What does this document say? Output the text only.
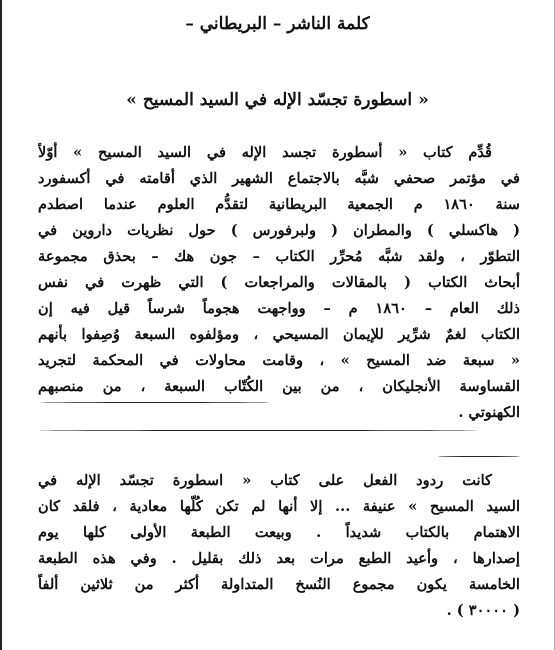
كلمة الناشر – البريطاني –
« اسطورة تجسّد الإله في السيد المسيح »
قُدِّم كتاب « أسطورة تجسد الإله في السيد المسيح » أوّلاً
في مؤتمر صحفي شبَّه بالاجتماع الشهير الذي أقامته في أكسفورد
سنة ١٨٦٠ م الجمعية البريطانية لتقدُّم العلوم عندما اصطدم
( هاكسلي ) والمطران ( ولبرفورس ) حول نظريات داروين في
التطوّر ، ولقد شبَّه مُحرِّر الكتاب – جون هك – بحذق مجموعة
أبحاث الكتاب ( بالمقالات والمراجعات ) التي ظهرت في نفس
ذلك العام – ١٨٦٠ م – وواجهت هجوماً شرساً قيل فيه إن
الكتاب لغمٌ شرِّير للإيمان المسيحي ، ومؤلفوه السبعة وُصِفوا بأنهم
« سبعة ضد المسيح » ، وقامت محاولات في المحكمة لتجريد
القساوسة الأنجليكان ، من بين الكُتّاب السبعة ، من منصبهم
الكهنوتي .
كانت ردود الفعل على كتاب « اسطورة تجسّد الإله في
السيد المسيح » عنيفة ... إلا أنها لم تكن كُلّها معادية ، فلقد كان
الاهتمام بالكتاب شديداً . وبيعت الطبعة الأولى كلها يوم
إصدارها ، وأعيد الطبع مرات بعد ذلك بقليل . وفي هذه الطبعة
الخامسة يكون مجموع النُسخ المتداولة أكثر من ثلاثين ألفاً
( ٣٠٠٠٠ ) .
